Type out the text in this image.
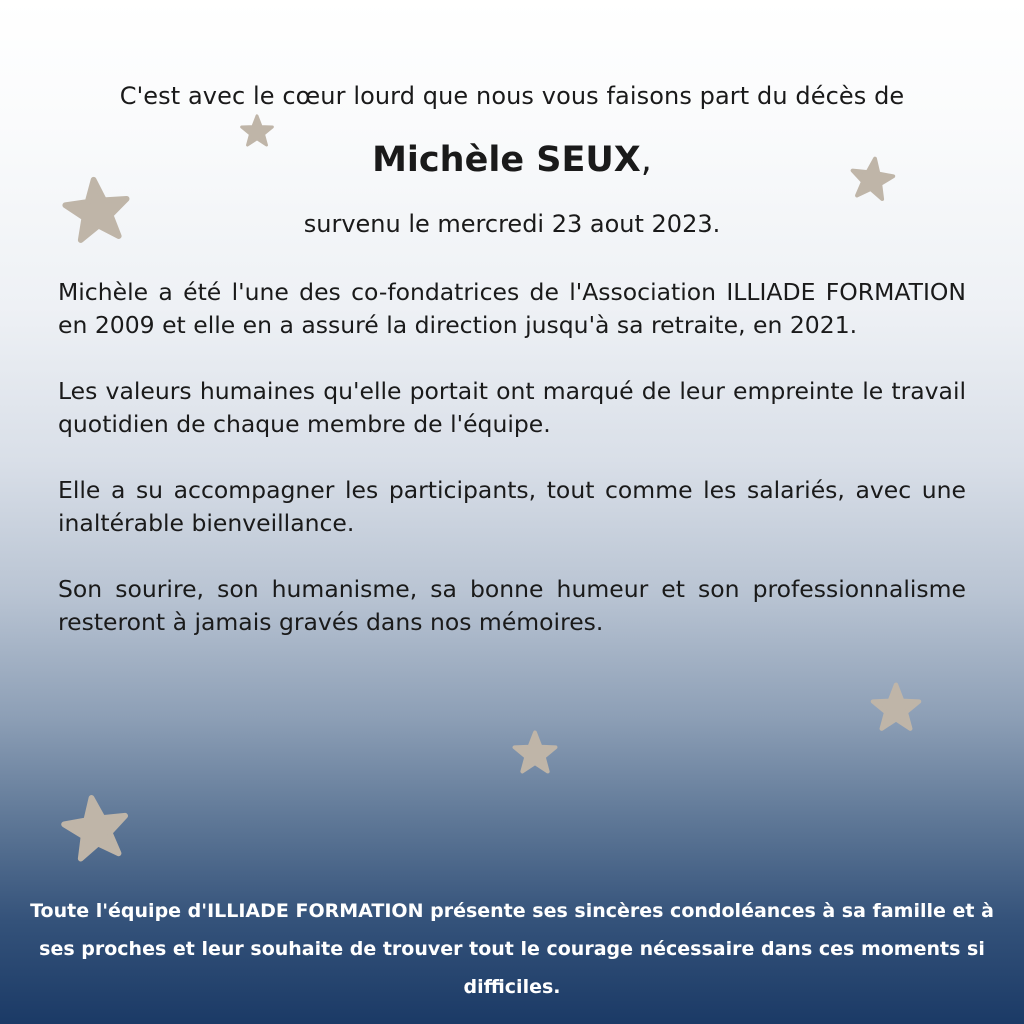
C'est avec le cœur lourd que nous vous faisons part du décès de

Michèle SEUX,

survenu le mercredi 23 aout 2023.

Michèle a été l'une des co-fondatrices de l'Association ILLIADE FORMATION en 2009 et elle en a assuré la direction jusqu'à sa retraite, en 2021.

Les valeurs humaines qu'elle portait ont marqué de leur empreinte le travail quotidien de chaque membre de l'équipe.

Elle a su accompagner les participants, tout comme les salariés, avec une inaltérable bienveillance.

Son sourire, son humanisme, sa bonne humeur et son professionnalisme resteront à jamais gravés dans nos mémoires.

Toute l'équipe d'ILLIADE FORMATION présente ses sincères condoléances à sa famille et à ses proches et leur souhaite de trouver tout le courage nécessaire dans ces moments si difficiles.
